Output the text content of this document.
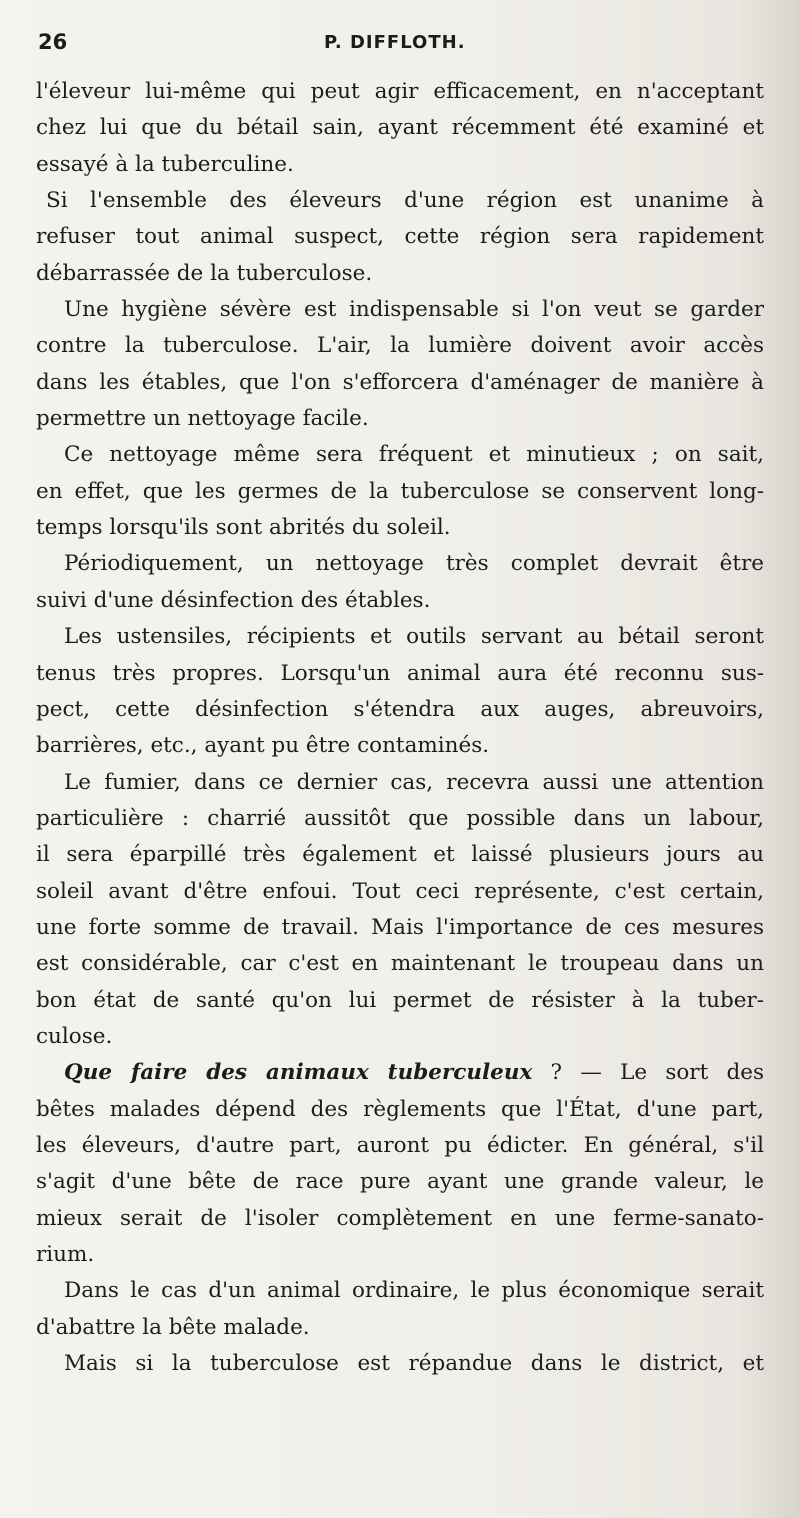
26	P. DIFFLOTH.
l'éleveur lui-même qui peut agir efficacement, en n'acceptant
chez lui que du bétail sain, ayant récemment été examiné et
essayé à la tuberculine.
Si l'ensemble des éleveurs d'une région est unanime à
refuser tout animal suspect, cette région sera rapidement
débarrassée de la tuberculose.
Une hygiène sévère est indispensable si l'on veut se garder
contre la tuberculose. L'air, la lumière doivent avoir accès
dans les étables, que l'on s'efforcera d'aménager de manière à
permettre un nettoyage facile.
Ce nettoyage même sera fréquent et minutieux ; on sait,
en effet, que les germes de la tuberculose se conservent long-
temps lorsqu'ils sont abrités du soleil.
Périodiquement, un nettoyage très complet devrait être
suivi d'une désinfection des étables.
Les ustensiles, récipients et outils servant au bétail seront
tenus très propres. Lorsqu'un animal aura été reconnu sus-
pect, cette désinfection s'étendra aux auges, abreuvoirs,
barrières, etc., ayant pu être contaminés.
Le fumier, dans ce dernier cas, recevra aussi une attention
particulière : charrié aussitôt que possible dans un labour,
il sera éparpillé très également et laissé plusieurs jours au
soleil avant d'être enfoui. Tout ceci représente, c'est certain,
une forte somme de travail. Mais l'importance de ces mesures
est considérable, car c'est en maintenant le troupeau dans un
bon état de santé qu'on lui permet de résister à la tuber-
culose.
Que faire des animaux tuberculeux ? — Le sort des
bêtes malades dépend des règlements que l'État, d'une part,
les éleveurs, d'autre part, auront pu édicter. En général, s'il
s'agit d'une bête de race pure ayant une grande valeur, le
mieux serait de l'isoler complètement en une ferme-sanato-
rium.
Dans le cas d'un animal ordinaire, le plus économique serait
d'abattre la bête malade.
Mais si la tuberculose est répandue dans le district, et
